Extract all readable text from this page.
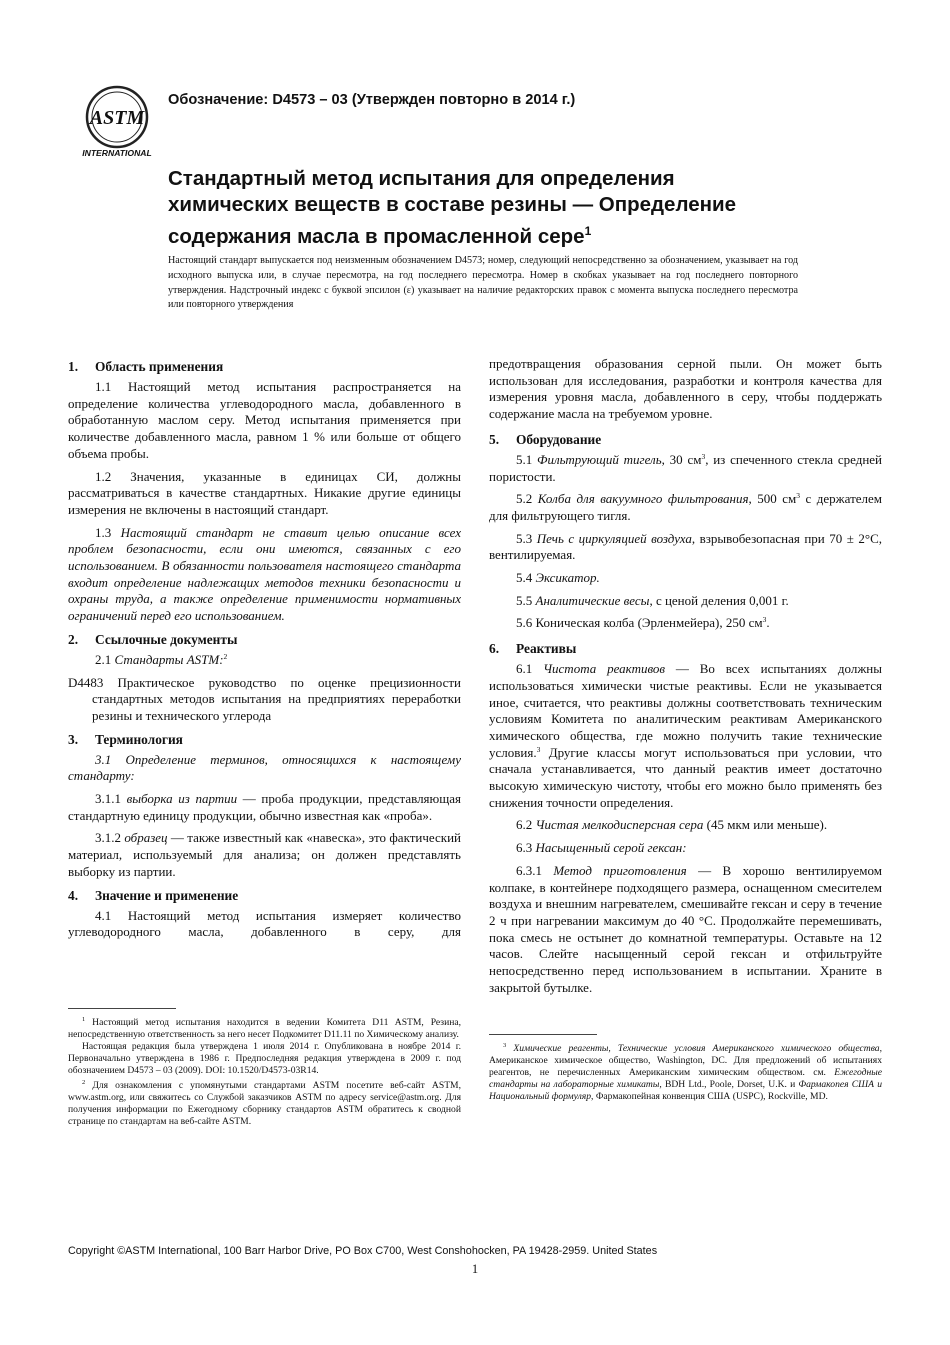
ASTM
INTERNATIONAL
Обозначение: D4573 – 03 (Утвержден повторно в 2014 г.)
Стандартный метод испытания для определения
химических веществ в составе резины — Определение
содержания масла в промасленной сере$^1$
Настоящий стандарт выпускается под неизменным обозначением D4573; номер, следующий непосредственно за обозначением, указывает на год исходного выпуска или, в случае пересмотра, на год последнего пересмотра. Номер в скобках указывает на год последнего повторного утверждения. Надстрочный индекс с буквой эпсилон (ε) указывает на наличие редакторских правок с момента выпуска последнего пересмотра или повторного утверждения
1. Область применения

1.1 Настоящий метод испытания распространяется на определение количества углеводородного масла, добавленного в обработанную маслом серу. Метод испытания применяется при количестве добавленного масла, равном 1 % или больше от общего объема пробы.

1.2 Значения, указанные в единицах СИ, должны рассматриваться в качестве стандартных. Никакие другие единицы измерения не включены в настоящий стандарт.

1.3 Настоящий стандарт не ставит целью описание всех проблем безопасности, если они имеются, связанных с его использованием. В обязанности пользователя настоящего стандарта входит определение надлежащих методов техники безопасности и охраны труда, а также определение применимости нормативных ограничений перед его использованием.

2. Ссылочные документы

2.1 Стандарты ASTM:$^2$

D4483 Практическое руководство по оценке прецизионности стандартных методов испытания на предприятиях переработки резины и технического углерода

3. Терминология

3.1 Определение терминов, относящихся к настоящему стандарту:

3.1.1 выборка из партии — проба продукции, представляющая стандартную единицу продукции, обычно известная как «проба».

3.1.2 образец — также известный как «навеска», это фактический материал, используемый для анализа; он должен представлять выборку из партии.

4. Значение и применение

4.1 Настоящий метод испытания измеряет количество углеводородного масла, добавленного в серу, для

$^1$ Настоящий метод испытания находится в ведении Комитета D11 ASTM, Резина, непосредственную ответственность за него несет Подкомитет D11.11 по Химическому анализу.

Настоящая редакция была утверждена 1 июля 2014 г. Опубликована в ноябре 2014 г. Первоначально утверждена в 1986 г. Предпоследняя редакция утверждена в 2009 г. под обозначением D4573 – 03 (2009). DOI: 10.1520/D4573-03R14.

$^2$ Для ознакомления с упомянутыми стандартами ASTM посетите веб-сайт ASTM, www.astm.org, или свяжитесь со Службой заказчиков ASTM по адресу service@astm.org. Для получения информации по Ежегодному сборнику стандартов ASTM обратитесь к сводной странице по стандартам на веб-сайте ASTM.

предотвращения образования серной пыли. Он может быть использован для исследования, разработки и контроля качества для измерения уровня масла, добавленного в серу, чтобы поддержать содержание масла на требуемом уровне.

5. Оборудование

5.1 Фильтрующий тигель, 30 $см^3$, из спеченного стекла средней пористости.

5.2 Колба для вакуумного фильтрования, 500 $см^3$ с держателем для фильтрующего тигля.

5.3 Печь с циркуляцией воздуха, взрывобезопасная при 70 ± 2°С, вентилируемая.

5.4 Эксикатор.

5.5 Аналитические весы, с ценой деления 0,001 г.

5.6 Коническая колба (Эрленмейера), 250 $см^3$.

6. Реактивы

6.1 Чистота реактивов — Во всех испытаниях должны использоваться химически чистые реактивы. Если не указывается иное, считается, что реактивы должны соответствовать техническим условиям Комитета по аналитическим реактивам Американского химического общества, где можно получить такие технические условия.$^3$ Другие классы могут использоваться при условии, что сначала устанавливается, что данный реактив имеет достаточно высокую химическую чистоту, чтобы его можно было применять без снижения точности определения.

6.2 Чистая мелкодисперсная сера (45 мкм или меньше).

6.3 Насыщенный серой гексан:

6.3.1 Метод приготовления — В хорошо вентилируемом колпаке, в контейнере подходящего размера, оснащенном смесителем воздуха и внешним нагревателем, смешивайте гексан и серу в течение 2 ч при нагревании максимум до 40 °С. Продолжайте перемешивать, пока смесь не остынет до комнатной температуры. Оставьте на 12 часов. Слейте насыщенный серой гексан и отфильтруйте непосредственно перед использованием в испытании. Храните в закрытой бутылке.

$^3$ Химические реагенты, Технические условия Американского химического общества, Американское химическое общество, Washington, DC. Для предложений об испытаниях реагентов, не перечисленных Американским химическим обществом. см. Ежегодные стандарты на лабораторные химикаты, BDH Ltd., Poole, Dorset, U.K. и Фармакопея США и Национальный формуляр, Фармакопейная конвенция США (USPC), Rockville, MD.

Copyright ©ASTM International, 100 Barr Harbor Drive, PO Box C700, West Conshohocken, PA 19428-2959. United States
1
